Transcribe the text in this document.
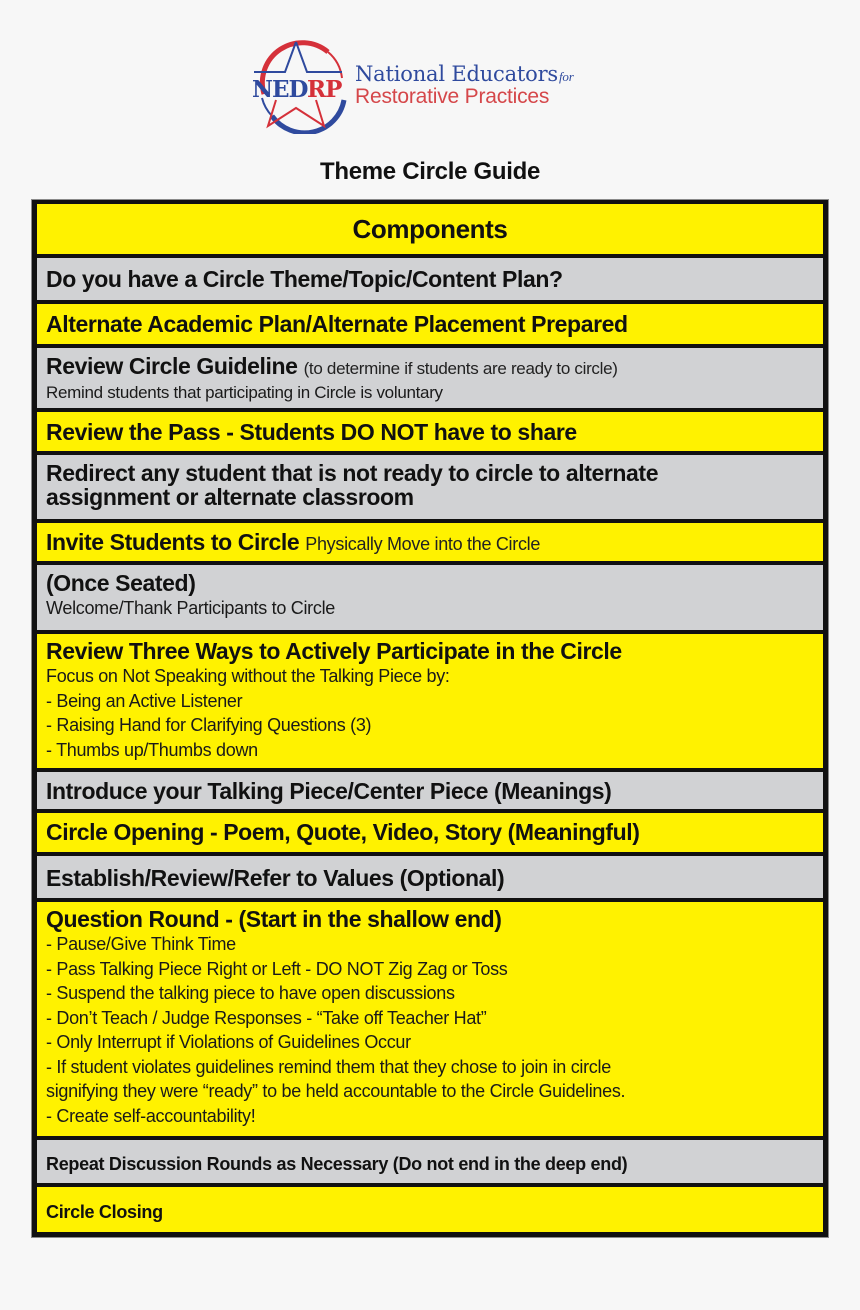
NED RP
National Educatorsfor
Restorative Practices
Theme Circle Guide
Components
Do you have a Circle Theme/Topic/Content Plan?
Alternate Academic Plan/Alternate Placement Prepared
Review Circle Guideline (to determine if students are ready to circle)
Remind students that participating in Circle is voluntary
Review the Pass - Students DO NOT have to share
Redirect any student that is not ready to circle to alternate
assignment or alternate classroom
Invite Students to Circle Physically Move into the Circle
(Once Seated)
Welcome/Thank Participants to Circle
Review Three Ways to Actively Participate in the Circle
Focus on Not Speaking without the Talking Piece by:
- Being an Active Listener
- Raising Hand for Clarifying Questions (3)
- Thumbs up/Thumbs down
Introduce your Talking Piece/Center Piece (Meanings)
Circle Opening - Poem, Quote, Video, Story (Meaningful)
Establish/Review/Refer to Values (Optional)
Question Round - (Start in the shallow end)
- Pause/Give Think Time
- Pass Talking Piece Right or Left - DO NOT Zig Zag or Toss
- Suspend the talking piece to have open discussions
- Don’t Teach / Judge Responses - “Take off Teacher Hat”
- Only Interrupt if Violations of Guidelines Occur
- If student violates guidelines remind them that they chose to join in circle
signifying they were “ready” to be held accountable to the Circle Guidelines.
- Create self-accountability!
Repeat Discussion Rounds as Necessary (Do not end in the deep end)
Circle Closing
